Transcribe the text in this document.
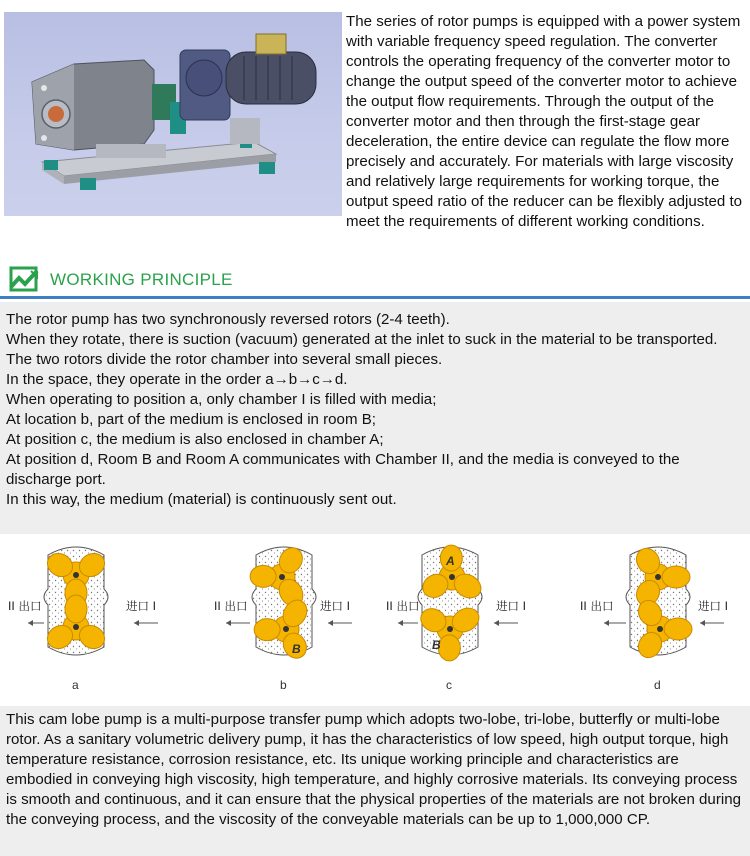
The series of rotor pumps is equipped with a power system with variable frequency speed regulation. The converter controls the operating frequency of the converter motor to change the output speed of the converter motor to achieve the output flow requirements. Through the output of the converter motor and then through the first-stage gear deceleration, the entire device can regulate the flow more precisely and accurately. For materials with large viscosity and relatively large requirements for working torque, the output speed ratio of the reducer can be flexibly adjusted to meet the requirements of different working conditions.
WORKING PRINCIPLE
The rotor pump has two synchronously reversed rotors (2-4 teeth).
When they rotate, there is suction (vacuum) generated at the inlet to suck in the material to be transported.
The two rotors divide the rotor chamber into several small pieces.
In the space, they operate in the order a→b→c→d.
When operating to position a, only chamber I is filled with media;
At location b, part of the medium is enclosed in room B;
At position c, the medium is also enclosed in chamber A;
At position d, Room B and Room A communicates with Chamber II, and the media is conveyed to the discharge port.
In this way, the medium (material) is continuously sent out.
II 出口	进口 I
a
II 出口	进口 I
B
b
II 出口	进口 I
A
B
c
II 出口	进口 I
d
This cam lobe pump is a multi-purpose transfer pump which adopts two-lobe, tri-lobe, butterfly or multi-lobe rotor. As a sanitary volumetric delivery pump, it has the characteristics of low speed, high output torque, high temperature resistance, corrosion resistance, etc. Its unique working principle and characteristics are embodied in conveying high viscosity, high temperature, and highly corrosive materials. Its conveying process is smooth and continuous, and it can ensure that the physical properties of the materials are not broken during the conveying process, and the viscosity of the conveyable materials can be up to 1,000,000 CP.
